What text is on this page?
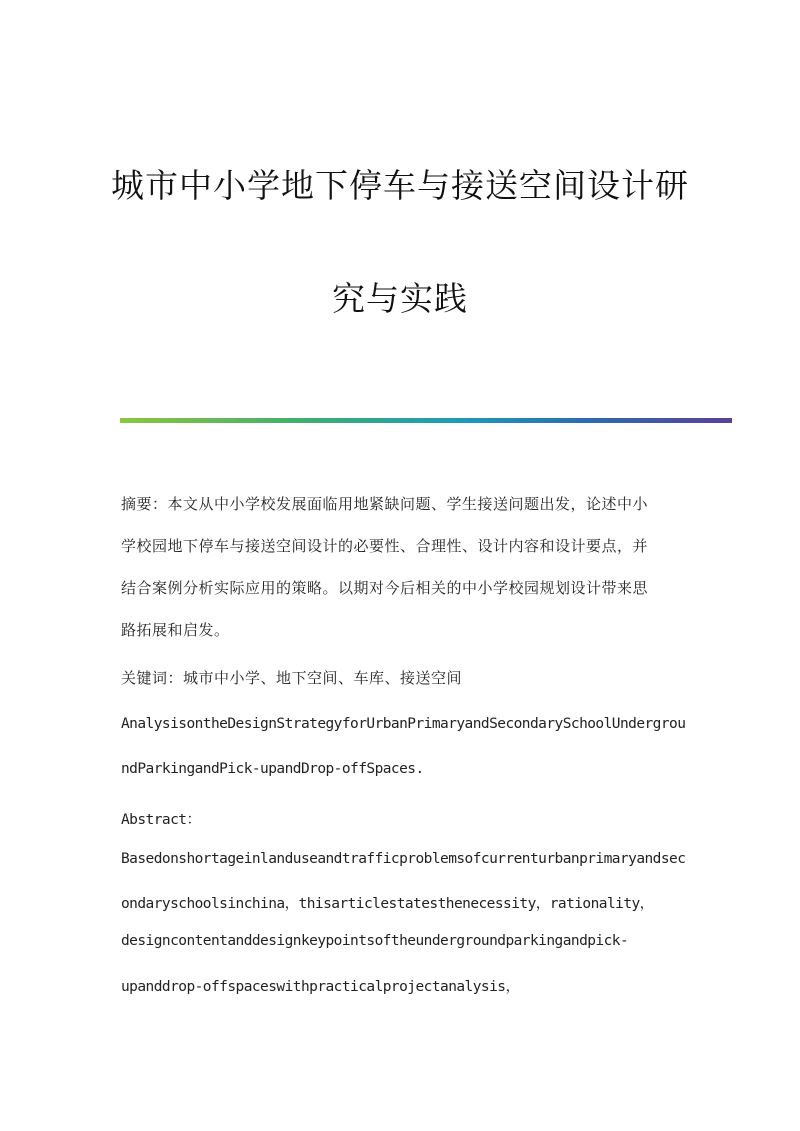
城市中小学地下停车与接送空间设计研
究与实践
摘要：本文从中小学校发展面临用地紧缺问题、学生接送问题出发，论述中小
学校园地下停车与接送空间设计的必要性、合理性、设计内容和设计要点，并
结合案例分析实际应用的策略。以期对今后相关的中小学校园规划设计带来思
路拓展和启发。
关键词：城市中小学、地下空间、车库、接送空间
AnalysisontheDesignStrategyforUrbanPrimaryandSecondarySchoolUndergrou
ndParkingandPick-upandDrop-offSpaces.
Abstract：
Basedonshortageinlanduseandtrafficproblemsofcurrenturbanprimaryandsec
ondaryschoolsinchina，thisarticlestatesthenecessity，rationality，
designcontentanddesignkeypointsoftheundergroundparkingandpick-
upanddrop-offspaceswithpracticalprojectanalysis，
